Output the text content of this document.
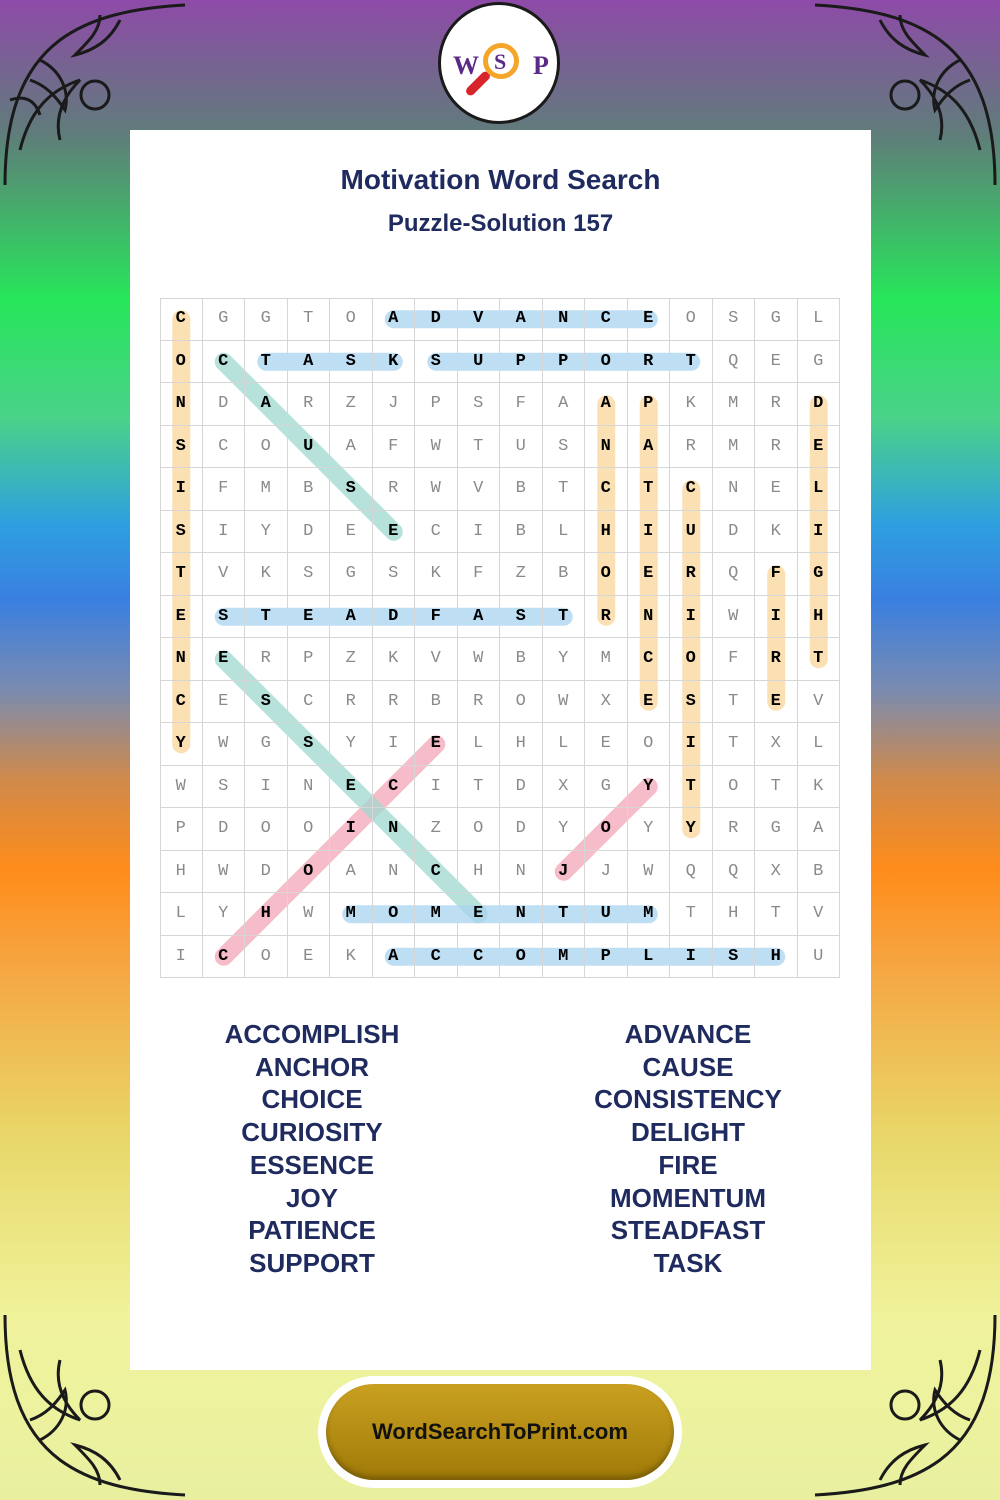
W S P
Motivation Word Search
Puzzle-Solution 157
C	G	G	T	O	A	D	V	A	N	C	E	O	S	G	L
O	C	T	A	S	K	S	U	P	P	O	R	T	Q	E	G
N	D	A	R	Z	J	P	S	F	A	A	P	K	M	R	D
S	C	O	U	A	F	W	T	U	S	N	A	R	M	R	E
I	F	M	B	S	R	W	V	B	T	C	T	C	N	E	L
S	I	Y	D	E	E	C	I	B	L	H	I	U	D	K	I
T	V	K	S	G	S	K	F	Z	B	O	E	R	Q	F	G
E	S	T	E	A	D	F	A	S	T	R	N	I	W	I	H
N	E	R	P	Z	K	V	W	B	Y	M	C	O	F	R	T
C	E	S	C	R	R	B	R	O	W	X	E	S	T	E	V
Y	W	G	S	Y	I	E	L	H	L	E	O	I	T	X	L
W	S	I	N	E	C	I	T	D	X	G	Y	T	O	T	K
P	D	O	O	I	N	Z	O	D	Y	O	Y	Y	R	G	A
H	W	D	O	A	N	C	H	N	J	J	W	Q	Q	X	B
L	Y	H	W	M	O	M	E	N	T	U	M	T	H	T	V
I	C	O	E	K	A	C	C	O	M	P	L	I	S	H	U
ACCOMPLISH
ANCHOR
CHOICE
CURIOSITY
ESSENCE
JOY
PATIENCE
SUPPORT
ADVANCE
CAUSE
CONSISTENCY
DELIGHT
FIRE
MOMENTUM
STEADFAST
TASK
WordSearchToPrint.com
